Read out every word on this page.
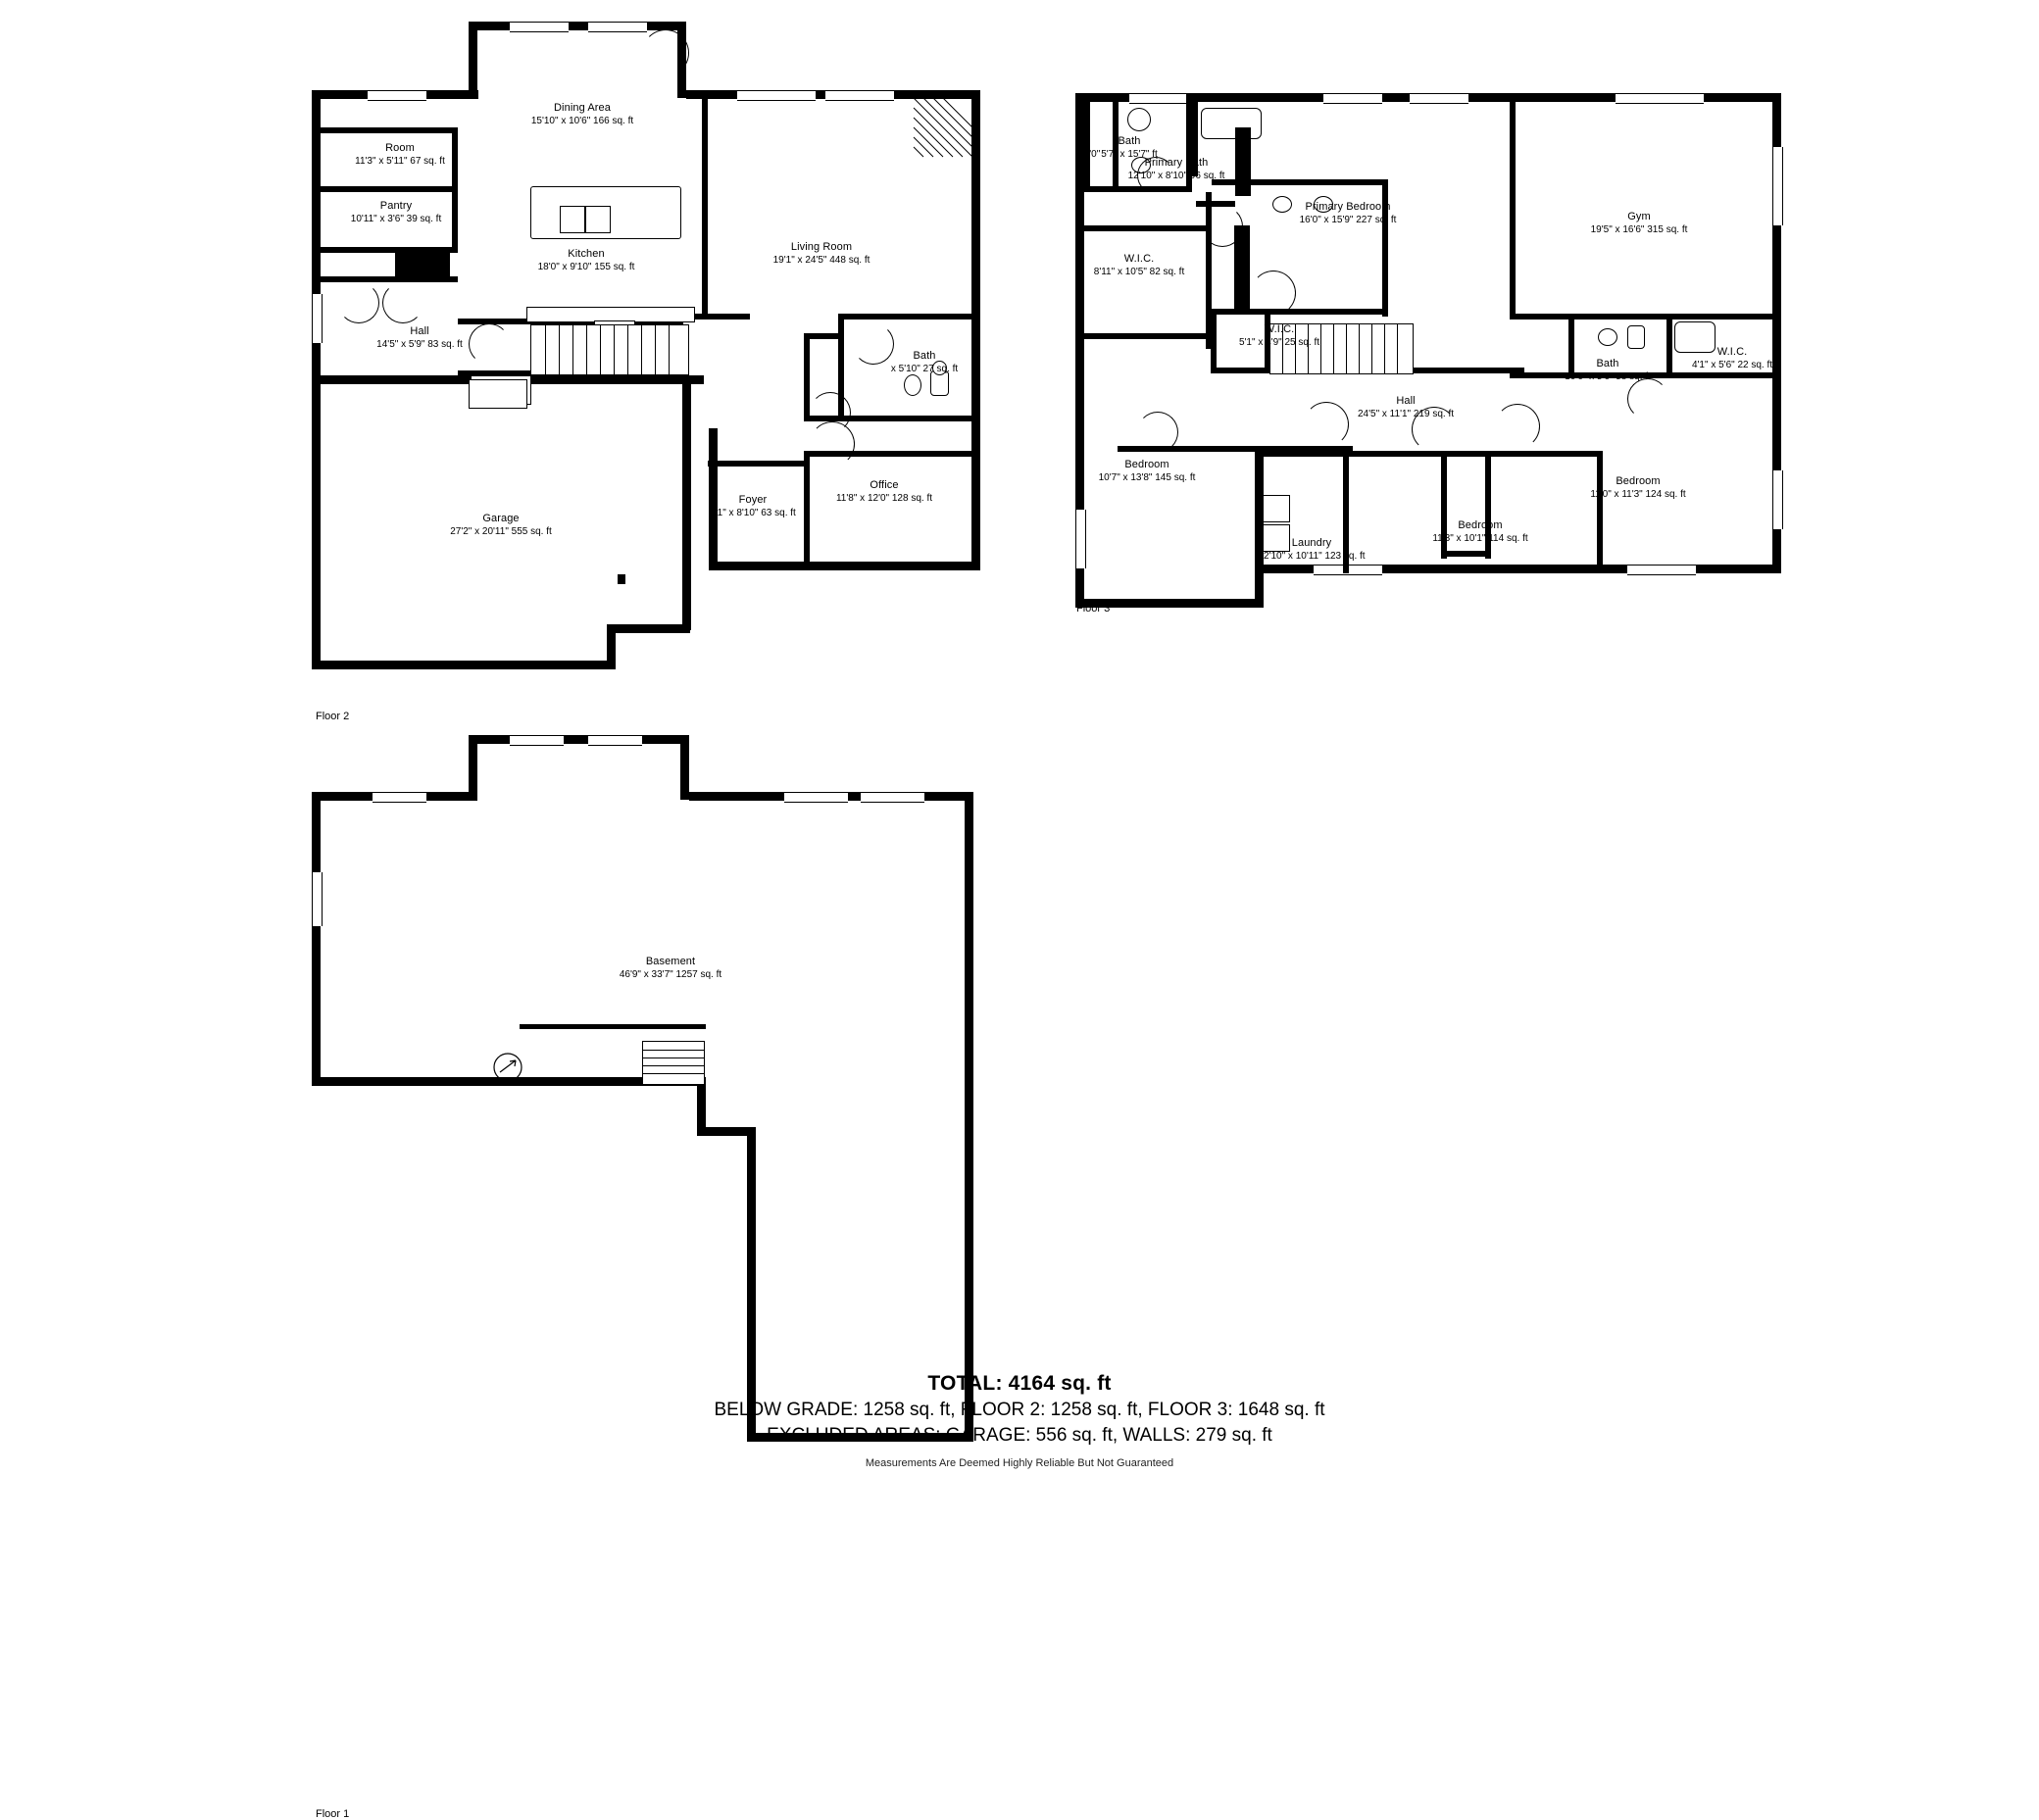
Dining Area
15'10" x 10'6" 166 sq. ft
Room
11'3" x 5'11" 67 sq. ft
Pantry
10'11" x 3'6" 39 sq. ft
Kitchen
18'0" x 9'10" 155 sq. ft
Living Room
19'1" x 24'5" 448 sq. ft
Hall
14'5" x 5'9" 83 sq. ft
Bath
x 5'10" 27 sq. ft
Office
11'8" x 12'0" 128 sq. ft
Foyer
7'1" x 8'10" 63 sq. ft
Garage
27'2" x 20'11" 555 sq. ft
Floor 2
Bath
5'7" x 15'7" ft
3'0"
Primary Bath
12'10" x 8'10" 96 sq. ft
Primary Bedroom
16'0" x 15'9" 227 sq. ft	Gym
19'5" x 16'6" 315 sq. ft
W.I.C.
8'11" x 10'5" 82 sq. ft
W.I.C.
5'1" x 4'9" 25 sq. ft
Bath
10'6" x 5'6" 58 sq. ft
W.I.C.
4'1" x 5'6" 22 sq. ft
Hall
24'5" x 11'1" 219 sq. ft
Bedroom
10'7" x 13'8" 145 sq. ft	Bedroom
11'0" x 11'3" 124 sq. ft
Bedroom
11'3" x 10'1" 114 sq. ft
Laundry
12'10" x 10'11" 123 sq. ft
Floor 3
Basement
46'9" x 33'7" 1257 sq. ft
Floor 1
TOTAL: 4164 sq. ft
BELOW GRADE: 1258 sq. ft, FLOOR 2: 1258 sq. ft, FLOOR 3: 1648 sq. ft
EXCLUDED AREAS: GARAGE: 556 sq. ft, WALLS: 279 sq. ft
Measurements Are Deemed Highly Reliable But Not Guaranteed
